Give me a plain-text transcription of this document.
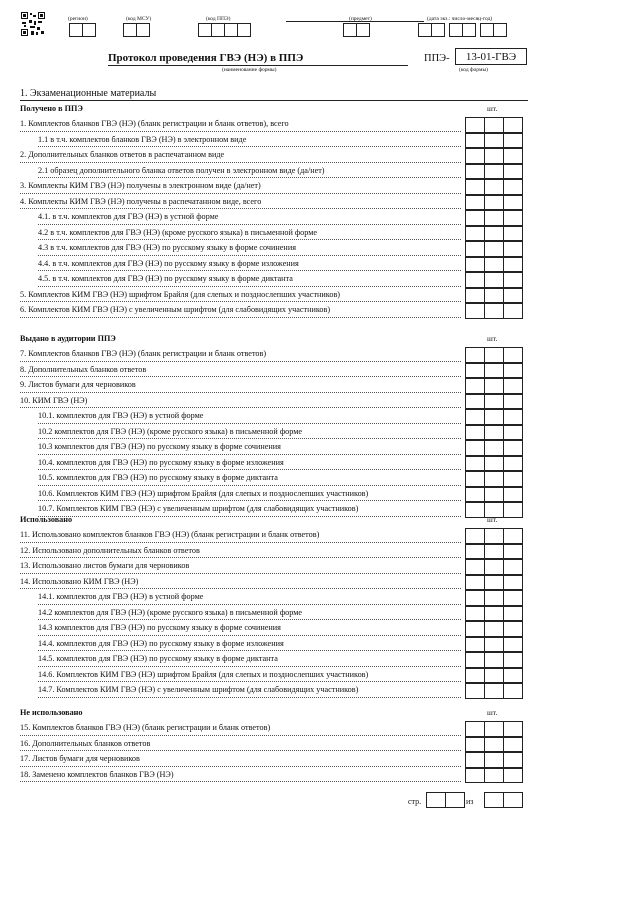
(регион)	(код МСУ)	(код ППЭ)	(предмет)	(дата экз.: число-месяц-год)
Протокол проведения ГВЭ (НЭ) в ППЭ
(наименование формы)
ППЭ-	13-01-ГВЭ
(код формы)
1. Экзаменационные материалы
Получено в ППЭ	шт.
1. Комплектов бланков ГВЭ (НЭ) (бланк регистрации и бланк ответов), всего
1.1 в т.ч. комплектов бланков ГВЭ (НЭ) в электронном виде
2. Дополнительных бланков ответов в распечатанном виде
2.1 образец дополнительного бланка ответов получен в электронном виде (да/нет)
3. Комплекты КИМ ГВЭ (НЭ) получены в электронном виде (да/нет)
4. Комплекты КИМ ГВЭ (НЭ) получены в распечатанном виде, всего
4.1. в т.ч. комплектов для ГВЭ (НЭ) в устной форме
4.2 в т.ч. комплектов для ГВЭ (НЭ) (кроме русского языка) в письменной форме
4.3 в т.ч. комплектов для ГВЭ (НЭ) по русскому языку в форме сочинения
4.4. в т.ч. комплектов для ГВЭ (НЭ) по русскому языку в форме изложения
4.5. в т.ч. комплектов для ГВЭ (НЭ) по русскому языку в форме диктанта
5. Комплектов КИМ ГВЭ (НЭ) шрифтом Брайля (для слепых и позднослепших участников)
6. Комплектов КИМ ГВЭ (НЭ) с увеличенным шрифтом (для слабовидящих участников)
Выдано в аудитории ППЭ	шт.
7. Комплектов бланков ГВЭ (НЭ) (бланк регистрации и бланк ответов)
8. Дополнительных бланков ответов
9. Листов бумаги для черновиков
10. КИМ ГВЭ (НЭ)
10.1. комплектов для ГВЭ (НЭ) в устной форме
10.2 комплектов для ГВЭ (НЭ) (кроме русского языка) в письменной форме
10.3 комплектов для ГВЭ (НЭ) по русскому языку в форме сочинения
10.4. комплектов для ГВЭ (НЭ) по русскому языку в форме изложения
10.5. комплектов для ГВЭ (НЭ) по русскому языку в форме диктанта
10.6. Комплектов КИМ ГВЭ (НЭ) шрифтом Брайля (для слепых и позднослепших участников)
10.7. Комплектов КИМ ГВЭ (НЭ) с увеличенным шрифтом (для слабовидящих участников)
Использовано	шт.
11. Использовано комплектов бланков ГВЭ (НЭ) (бланк регистрации и бланк ответов)
12. Использовано дополнительных бланков ответов
13. Использовано листов бумаги для черновиков
14. Использовано КИМ ГВЭ (НЭ)
14.1. комплектов для ГВЭ (НЭ) в устной форме
14.2 комплектов для ГВЭ (НЭ) (кроме русского языка) в письменной форме
14.3 комплектов для ГВЭ (НЭ) по русскому языку в форме сочинения
14.4. комплектов для ГВЭ (НЭ) по русскому языку в форме изложения
14.5. комплектов для ГВЭ (НЭ) по русскому языку в форме диктанта
14.6. Комплектов КИМ ГВЭ (НЭ) шрифтом Брайля (для слепых и позднослепших участников)
14.7. Комплектов КИМ ГВЭ (НЭ) с увеличенным шрифтом (для слабовидящих участников)
Не использовано	шт.
15. Комплектов бланков ГВЭ (НЭ) (бланк регистрации и бланк ответов)
16. Дополнительных бланков ответов
17. Листов бумаги для черновиков
18. Заменено комплектов бланков ГВЭ (НЭ)
стр.	из
